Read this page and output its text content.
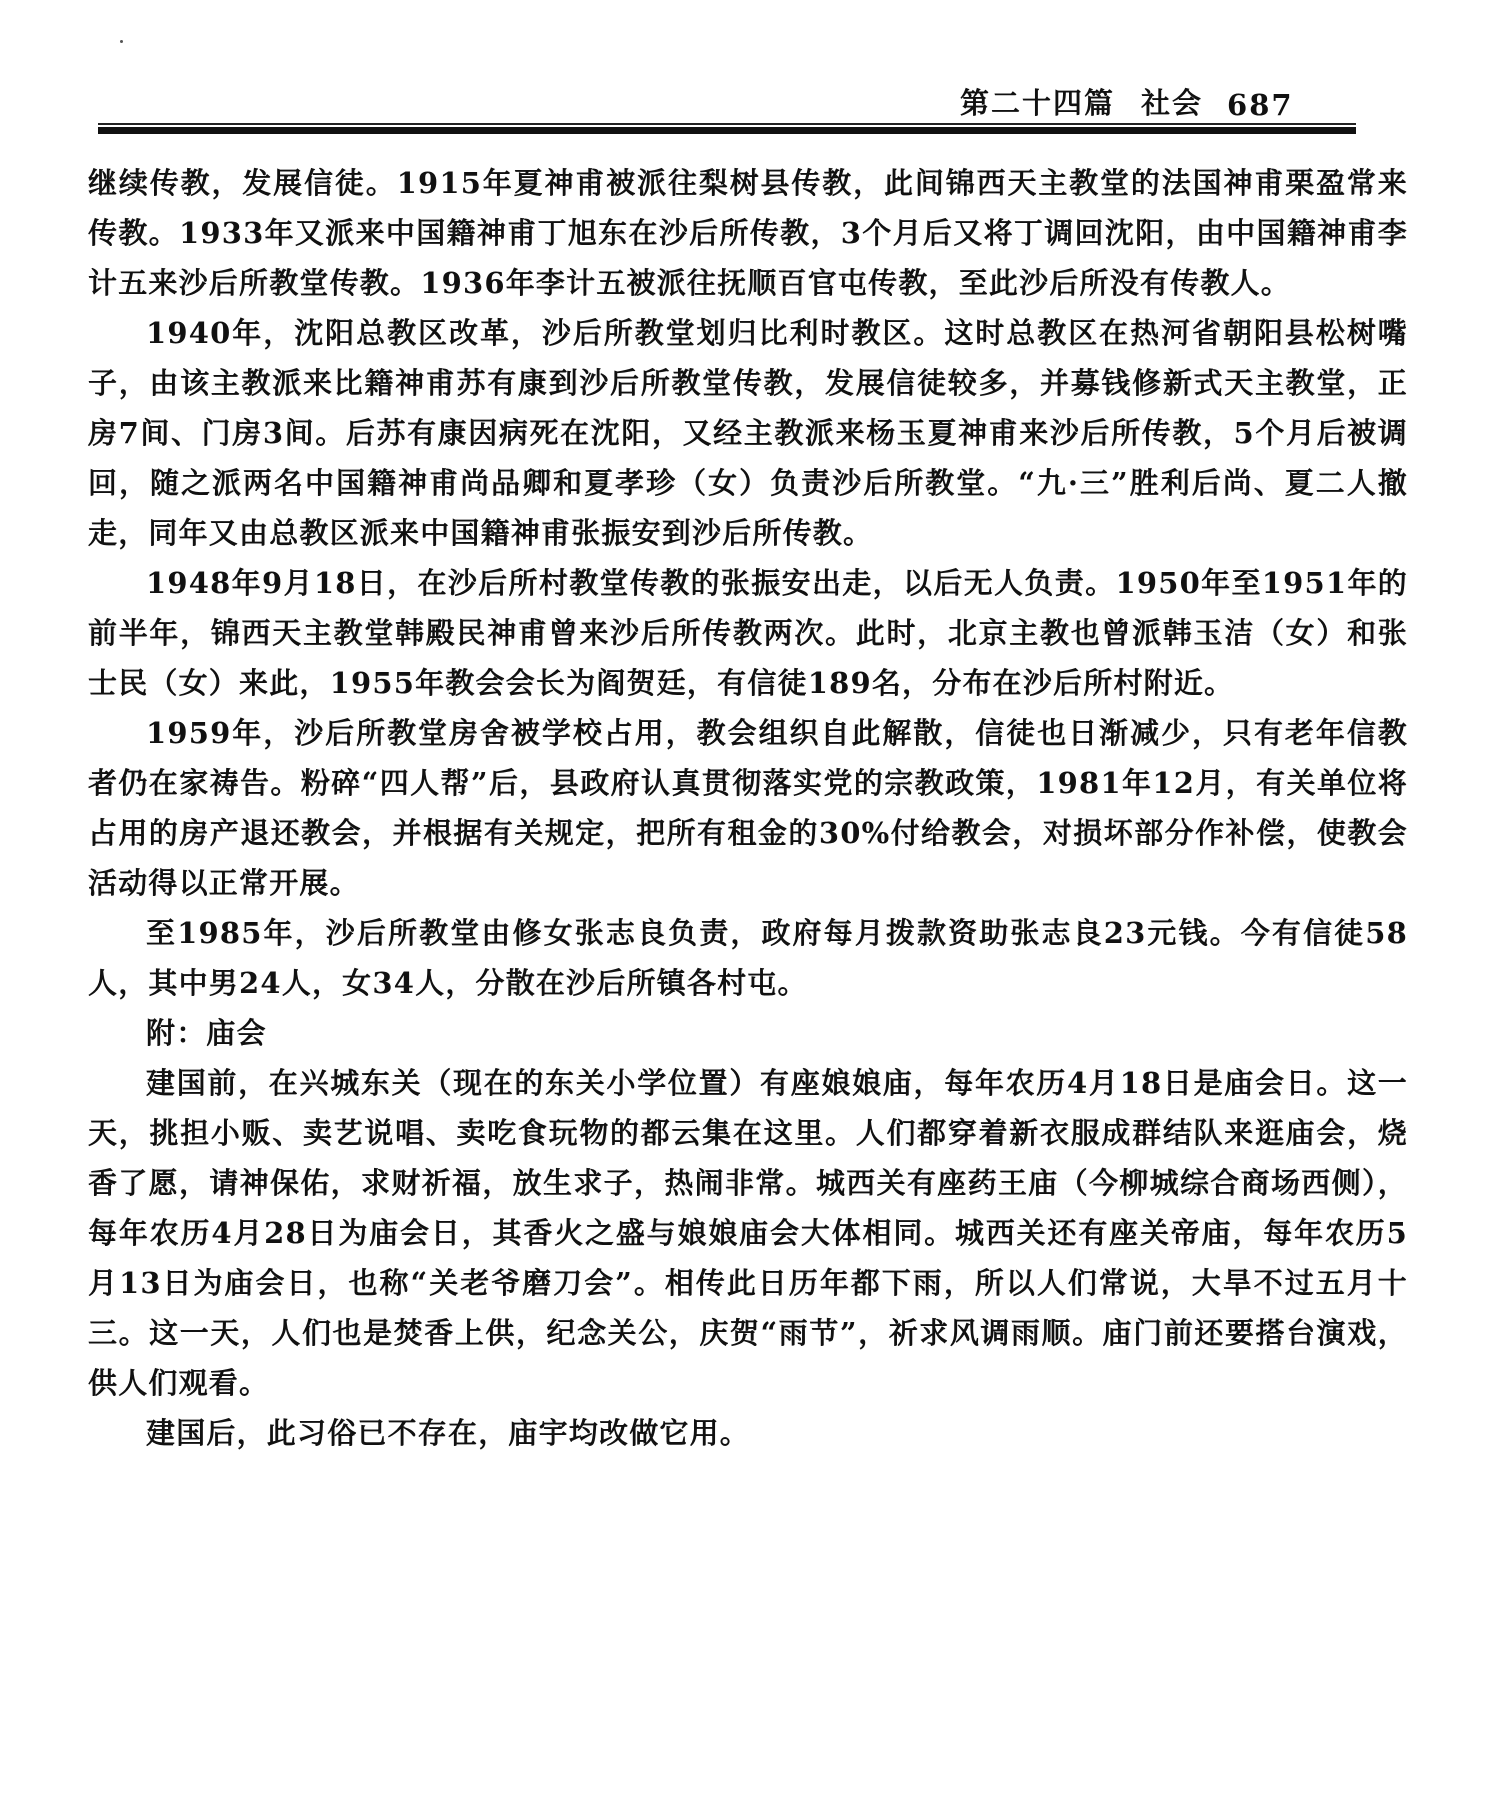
第二十四篇 社会 687

继续传教，发展信徒。1915年夏神甫被派往梨树县传教，此间锦西天主教堂的法国神甫栗盈常来传教。1933年又派来中国籍神甫丁旭东在沙后所传教，3个月后又将丁调回沈阳，由中国籍神甫李计五来沙后所教堂传教。1936年李计五被派往抚顺百官屯传教，至此沙后所没有传教人。

1940年，沈阳总教区改革，沙后所教堂划归比利时教区。这时总教区在热河省朝阳县松树嘴子，由该主教派来比籍神甫苏有康到沙后所教堂传教，发展信徒较多，并募钱修新式天主教堂，正房7间、门房3间。后苏有康因病死在沈阳，又经主教派来杨玉夏神甫来沙后所传教，5个月后被调回，随之派两名中国籍神甫尚品卿和夏孝珍（女）负责沙后所教堂。“九·三”胜利后尚、夏二人撤走，同年又由总教区派来中国籍神甫张振安到沙后所传教。

1948年9月18日，在沙后所村教堂传教的张振安出走，以后无人负责。1950年至1951年的前半年，锦西天主教堂韩殿民神甫曾来沙后所传教两次。此时，北京主教也曾派韩玉洁（女）和张士民（女）来此，1955年教会会长为阎贺廷，有信徒189名，分布在沙后所村附近。

1959年，沙后所教堂房舍被学校占用，教会组织自此解散，信徒也日渐减少，只有老年信教者仍在家祷告。粉碎“四人帮”后，县政府认真贯彻落实党的宗教政策，1981年12月，有关单位将占用的房产退还教会，并根据有关规定，把所有租金的30%付给教会，对损坏部分作补偿，使教会活动得以正常开展。

至1985年，沙后所教堂由修女张志良负责，政府每月拨款资助张志良23元钱。今有信徒58人，其中男24人，女34人，分散在沙后所镇各村屯。

附：庙会

建国前，在兴城东关（现在的东关小学位置）有座娘娘庙，每年农历4月18日是庙会日。这一天，挑担小贩、卖艺说唱、卖吃食玩物的都云集在这里。人们都穿着新衣服成群结队来逛庙会，烧香了愿，请神保佑，求财祈福，放生求子，热闹非常。城西关有座药王庙（今柳城综合商场西侧），每年农历4月28日为庙会日，其香火之盛与娘娘庙会大体相同。城西关还有座关帝庙，每年农历5月13日为庙会日，也称“关老爷磨刀会”。相传此日历年都下雨，所以人们常说，大旱不过五月十三。这一天，人们也是焚香上供，纪念关公，庆贺“雨节”，祈求风调雨顺。庙门前还要搭台演戏，供人们观看。

建国后，此习俗已不存在，庙宇均改做它用。
